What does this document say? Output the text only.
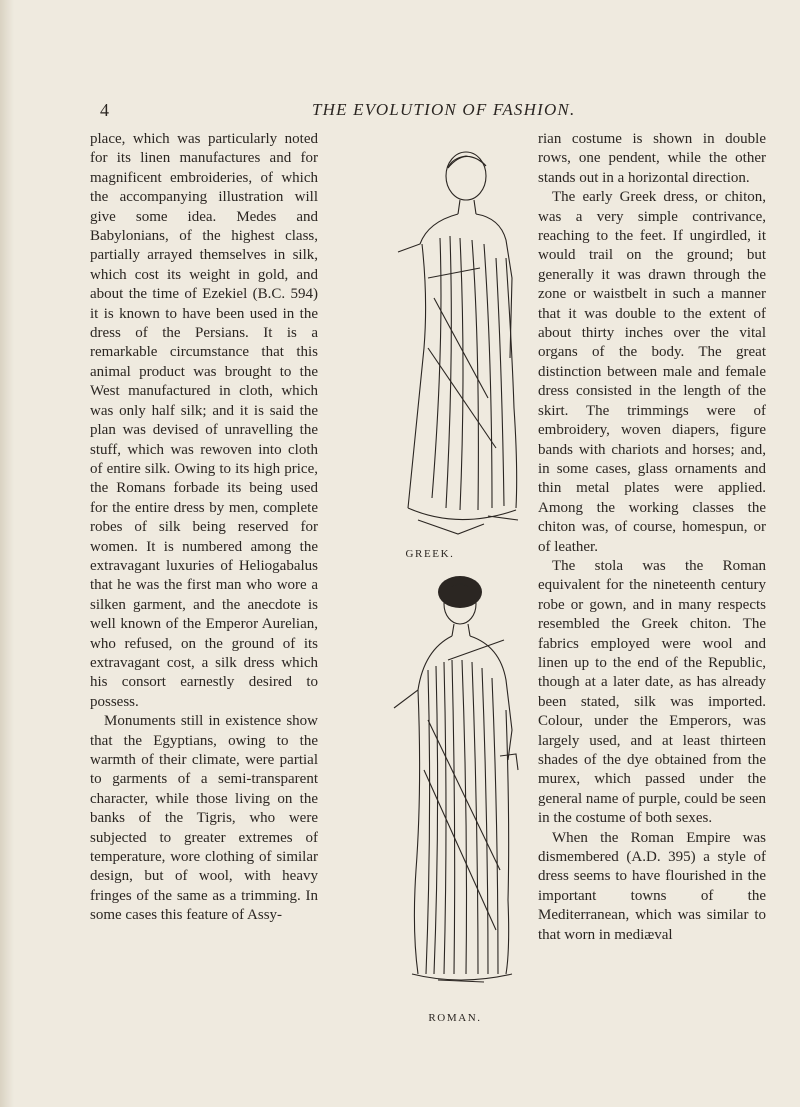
4	THE EVOLUTION OF FASHION.

place, which was particularly noted for its linen manufactures and for magnificent embroideries, of which the accompanying illustration will give some idea. Medes and Babylonians, of the highest class, partially arrayed themselves in silk, which cost its weight in gold, and about the time of Ezekiel (B.C. 594) it is known to have been used in the dress of the Persians. It is a remarkable circumstance that this animal product was brought to the West manufactured in cloth, which was only half silk; and it is said the plan was devised of unravelling the stuff, which was rewoven into cloth of entire silk. Owing to its high price, the Romans forbade its being used for the entire dress by men, complete robes of silk being reserved for women. It is numbered among the extravagant luxuries of Heliogabalus that he was the first man who wore a silken garment, and the anecdote is well known of the Emperor Aurelian, who refused, on the ground of its extravagant cost, a silk dress which his consort earnestly desired to possess.

Monuments still in existence show that the Egyptians, owing to the warmth of their climate, were partial to garments of a semi-transparent character, while those living on the banks of the Tigris, who were subjected to greater extremes of temperature, wore clothing of similar design, but of wool, with heavy fringes of the same as a trimming. In some cases this feature of Assy-

GREEK.
ROMAN.

rian costume is shown in double rows, one pendent, while the other stands out in a horizontal direction.

The early Greek dress, or chiton, was a very simple contrivance, reaching to the feet. If ungirdled, it would trail on the ground; but generally it was drawn through the zone or waistbelt in such a manner that it was double to the extent of about thirty inches over the vital organs of the body. The great distinction between male and female dress consisted in the length of the skirt. The trimmings were of embroidery, woven diapers, figure bands with chariots and horses; and, in some cases, glass ornaments and thin metal plates were applied. Among the working classes the chiton was, of course, homespun, or of leather.

The stola was the Roman equivalent for the nineteenth century robe or gown, and in many respects resembled the Greek chiton. The fabrics employed were wool and linen up to the end of the Republic, though at a later date, as has already been stated, silk was imported. Colour, under the Emperors, was largely used, and at least thirteen shades of the dye obtained from the murex, which passed under the general name of purple, could be seen in the costume of both sexes.

When the Roman Empire was dismembered (A.D. 395) a style of dress seems to have flourished in the important towns of the Mediterranean, which was similar to that worn in mediæval
